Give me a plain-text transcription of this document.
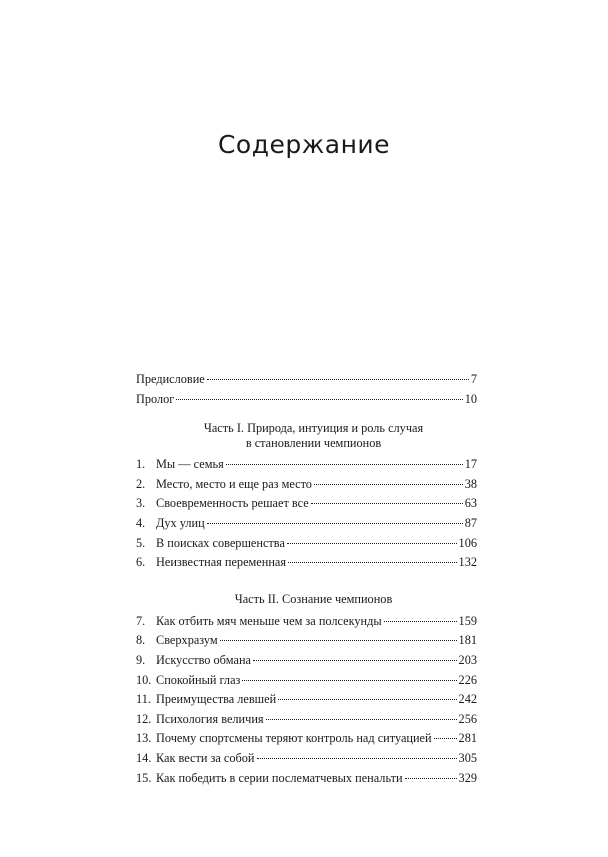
Содержание
Предисловие	7
Пролог	10
Часть I. Природа, интуиция и роль случая
в становлении чемпионов
1. Мы — семья	17
2. Место, место и еще раз место	38
3. Своевременность решает все	63
4. Дух улиц	87
5. В поисках совершенства	106
6. Неизвестная переменная	132
Часть II. Сознание чемпионов
7. Как отбить мяч меньше чем за полсекунды	159
8. Сверхразум	181
9. Искусство обмана	203
10. Спокойный глаз	226
11. Преимущества левшей	242
12. Психология величия	256
13. Почему спортсмены теряют контроль над ситуацией 281
14. Как вести за собой	305
15. Как победить в серии послематчевых пенальти	329
